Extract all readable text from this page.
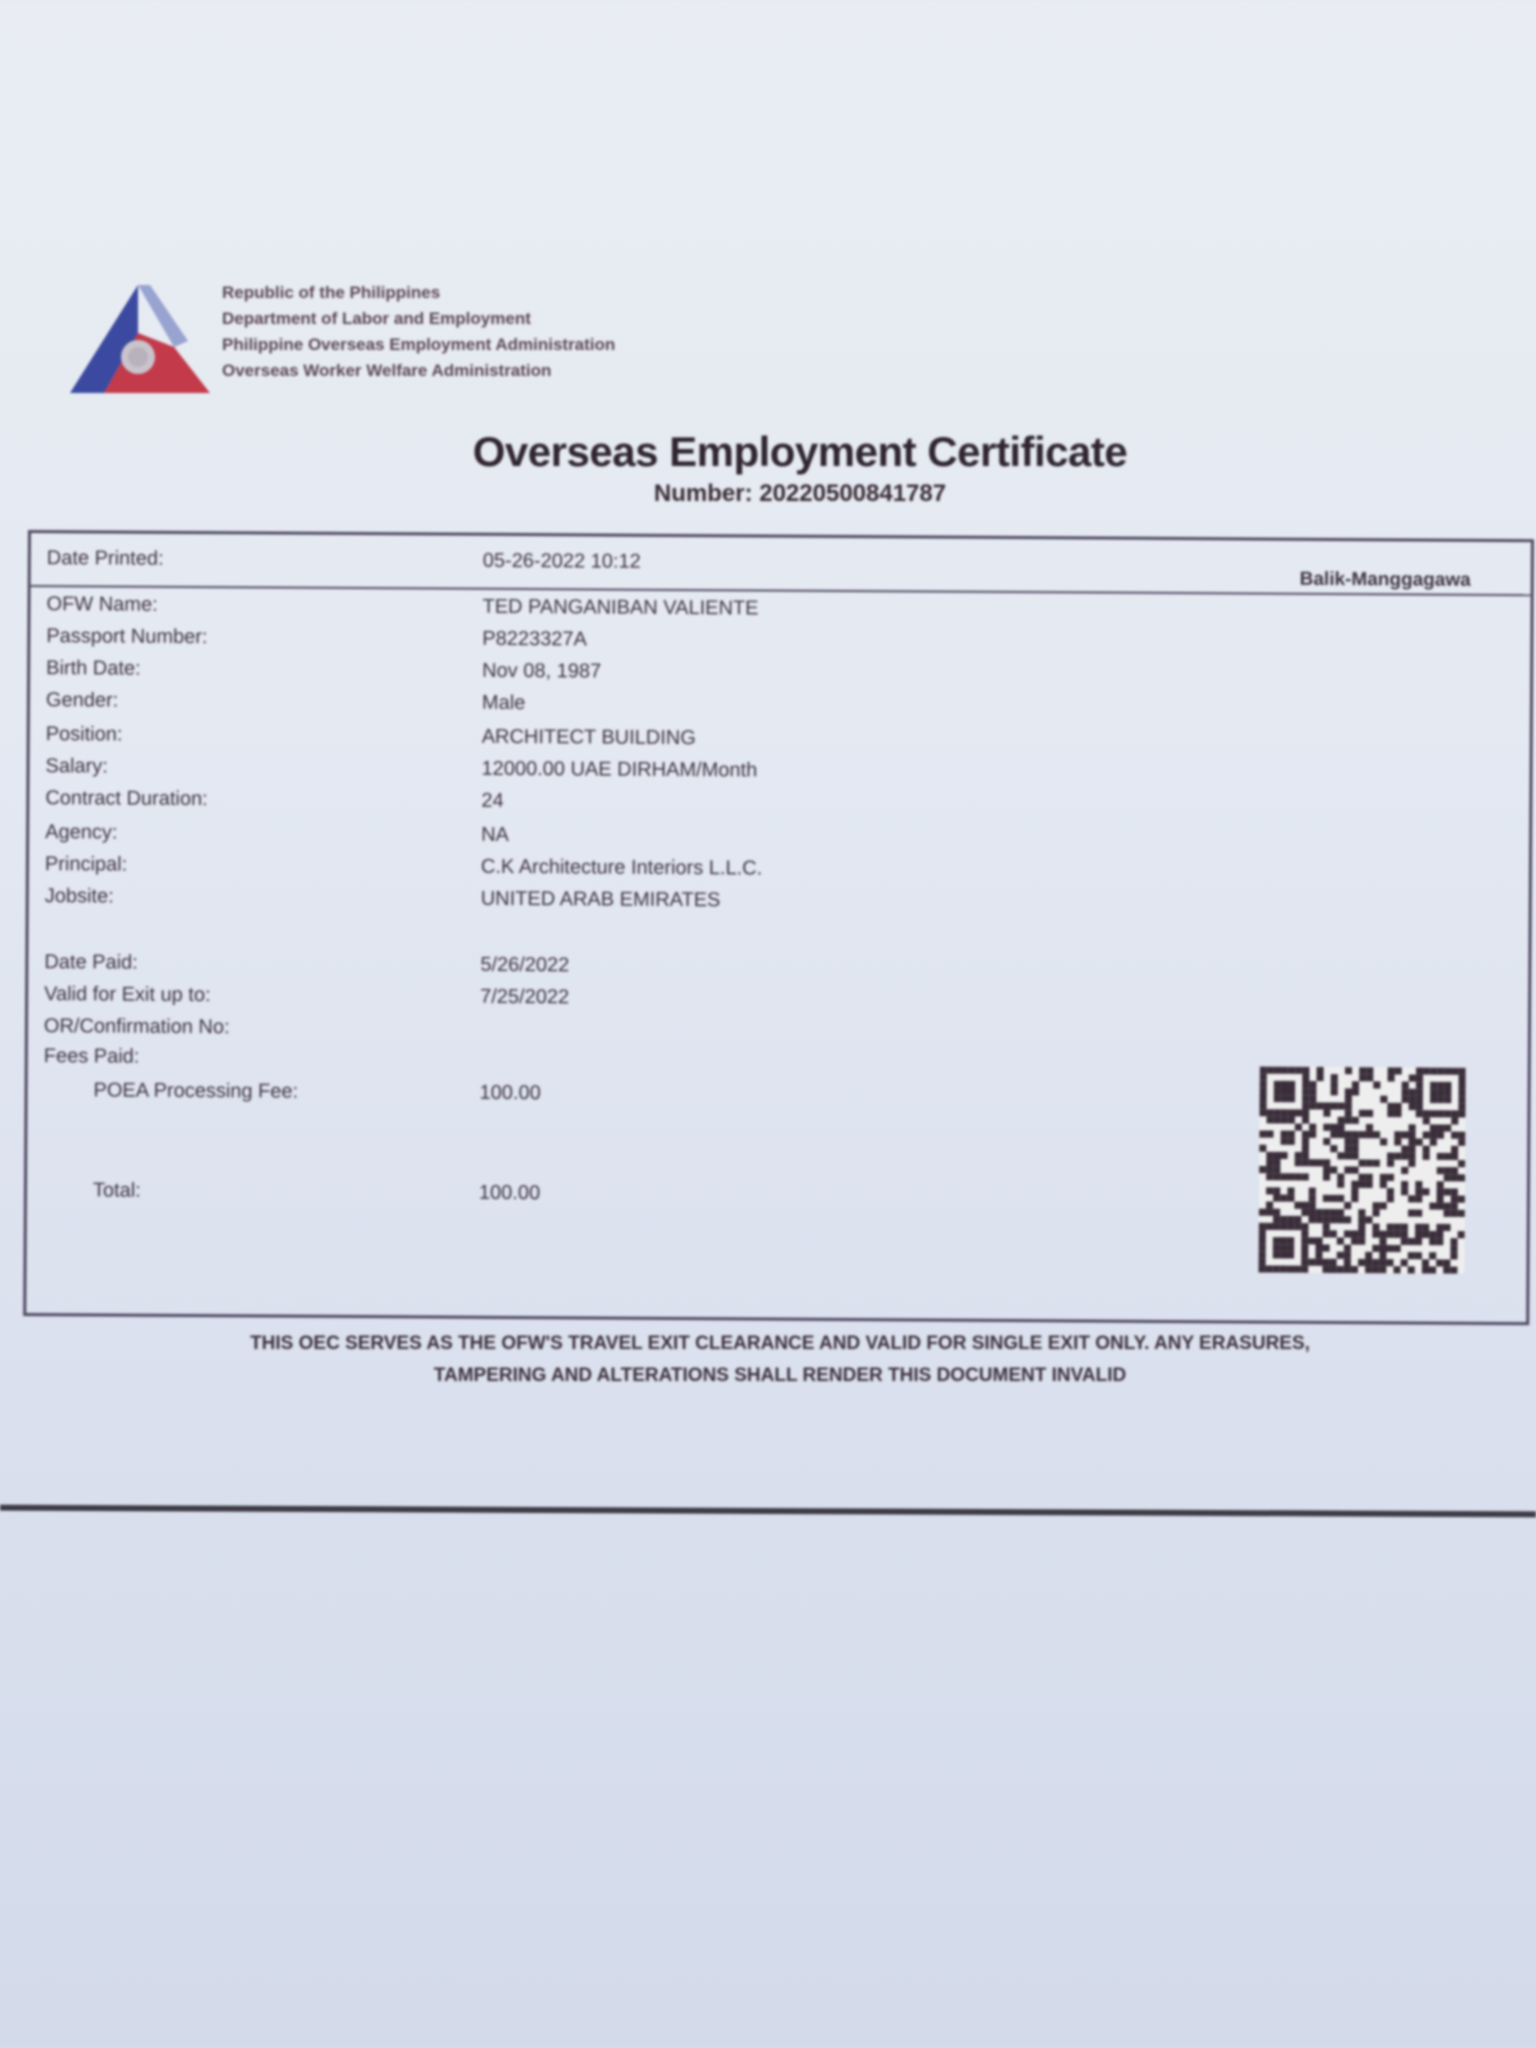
Republic of the Philippines
Department of Labor and Employment
Philippine Overseas Employment Administration
Overseas Worker Welfare Administration
Overseas Employment Certificate
Number: 20220500841787
Balik-Manggagawa
Date Printed:	05-26-2022 10:12
OFW Name:	TED PANGANIBAN VALIENTE
Passport Number:	P8223327A
Birth Date:	Nov 08, 1987
Gender:	Male
Position:	ARCHITECT BUILDING
Salary:	12000.00 UAE DIRHAM/Month
Contract Duration:	24
Agency:	NA
Principal:	C.K Architecture Interiors L.L.C.
Jobsite:	UNITED ARAB EMIRATES
Date Paid:	5/26/2022
Valid for Exit up to:	7/25/2022
OR/Confirmation No:
Fees Paid:
POEA Processing Fee:	100.00
Total:	100.00
THIS OEC SERVES AS THE OFW'S TRAVEL EXIT CLEARANCE AND VALID FOR SINGLE EXIT ONLY. ANY ERASURES,
TAMPERING AND ALTERATIONS SHALL RENDER THIS DOCUMENT INVALID
